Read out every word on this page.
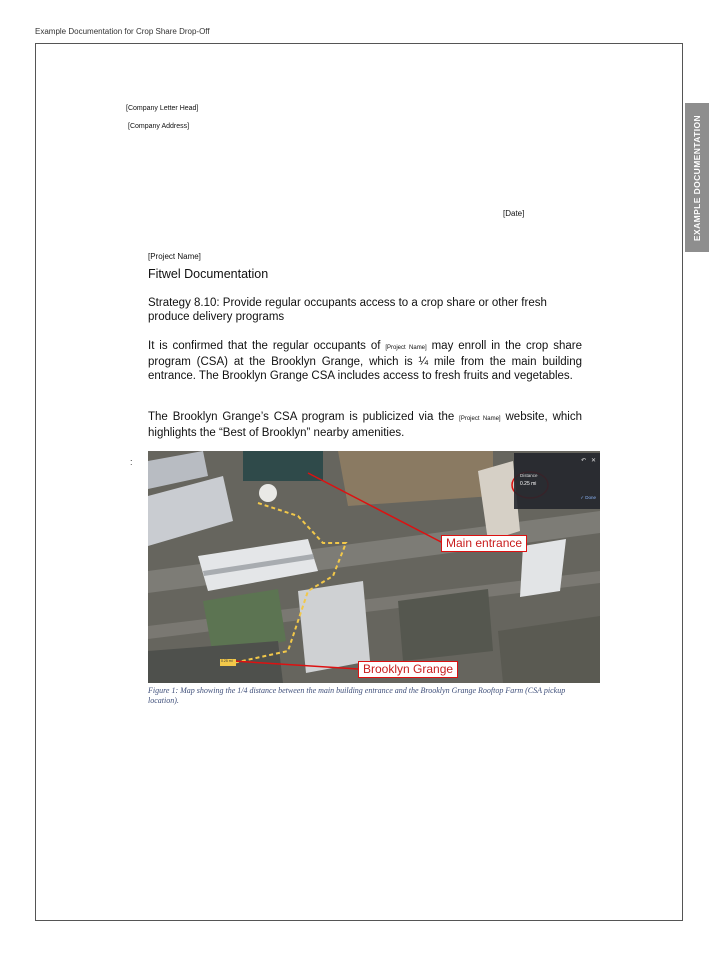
Example Documentation for Crop Share Drop-Off
EXAMPLE DOCUMENTATION
[Company Letter Head]
[Company Address]
[Date]
[Project Name]
Fitwel Documentation
Strategy 8.10: Provide regular occupants access to a crop share or other fresh produce delivery programs
It is confirmed that the regular occupants of [Project Name] may enroll in the crop share program (CSA) at the Brooklyn Grange, which is ¼ mile from the main building entrance. The Brooklyn Grange CSA includes access to fresh fruits and vegetables.
The Brooklyn Grange’s CSA program is publicized via the [Project Name] website, which highlights the “Best of Brooklyn” nearby amenities.
:	✕
↶
Distance
0.25 mi
✓ Done
0.25 mi
Main entrance
Brooklyn Grange
Figure 1: Map showing the 1/4 distance between the main building entrance and the Brooklyn Grange Rooftop Farm (CSA pickup location).
